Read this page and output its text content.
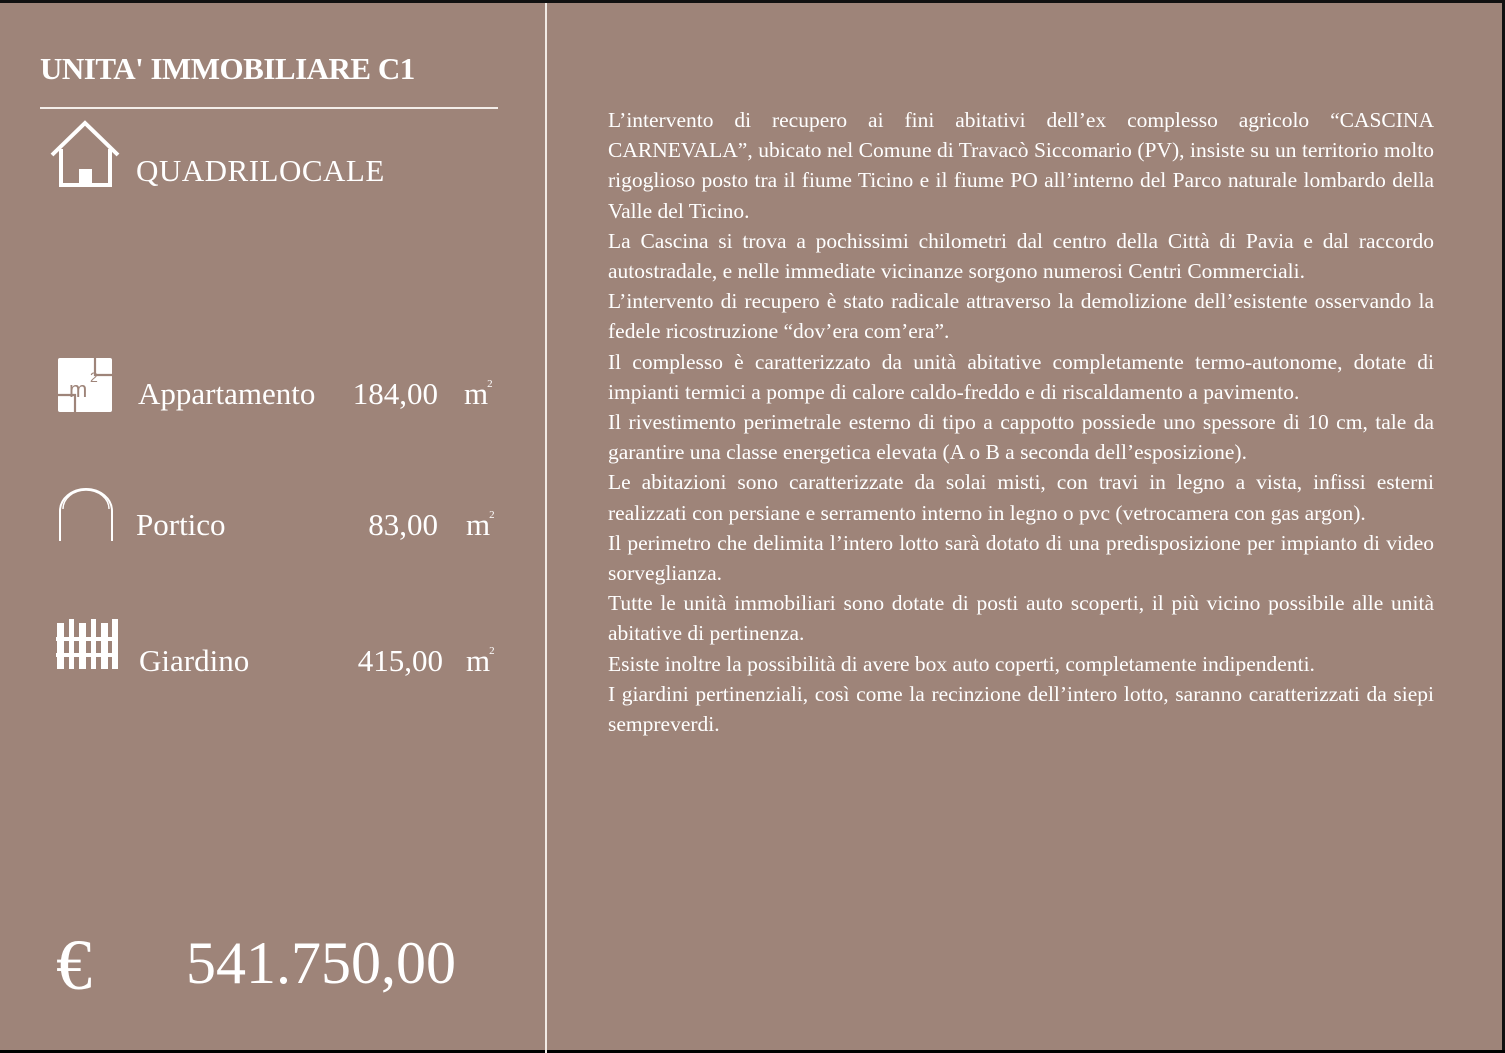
UNITA' IMMOBILIARE C1
QUADRILOCALE
m 2 Appartamento	184,00 $m^2$
Portico	83,00 $m^2$
Giardino	415,00 $m^2$
€ 541.750,00

L’intervento di recupero ai fini abitativi dell’ex complesso agricolo “CASCINA CARNEVALA”, ubicato nel Comune di Travacò Siccomario (PV), insiste su un territorio molto rigoglioso posto tra il fiume Ticino e il fiume PO all’interno del Parco naturale lombardo della Valle del Ticino.

La Cascina si trova a pochissimi chilometri dal centro della Città di Pavia e dal raccordo autostradale, e nelle immediate vicinanze sorgono numerosi Centri Commerciali.

L’intervento di recupero è stato radicale attraverso la demolizione dell’esistente osservando la fedele ricostruzione “dov’era com’era”.

Il complesso è caratterizzato da unità abitative completamente termo-autonome, dotate di impianti termici a pompe di calore caldo-freddo e di riscaldamento a pavimento.

Il rivestimento perimetrale esterno di tipo a cappotto possiede uno spessore di 10 cm, tale da garantire una classe energetica elevata (A o B a seconda dell’esposizione).

Le abitazioni sono caratterizzate da solai misti, con travi in legno a vista, infissi esterni realizzati con persiane e serramento interno in legno o pvc (vetrocamera con gas argon).

Il perimetro che delimita l’intero lotto sarà dotato di una predisposizione per impianto di video sorveglianza.

Tutte le unità immobiliari sono dotate di posti auto scoperti, il più vicino possibile alle unità abitative di pertinenza.

Esiste inoltre la possibilità di avere box auto coperti, completamente indipendenti.

I giardini pertinenziali, così come la recinzione dell’intero lotto, saranno caratterizzati da siepi sempreverdi.
